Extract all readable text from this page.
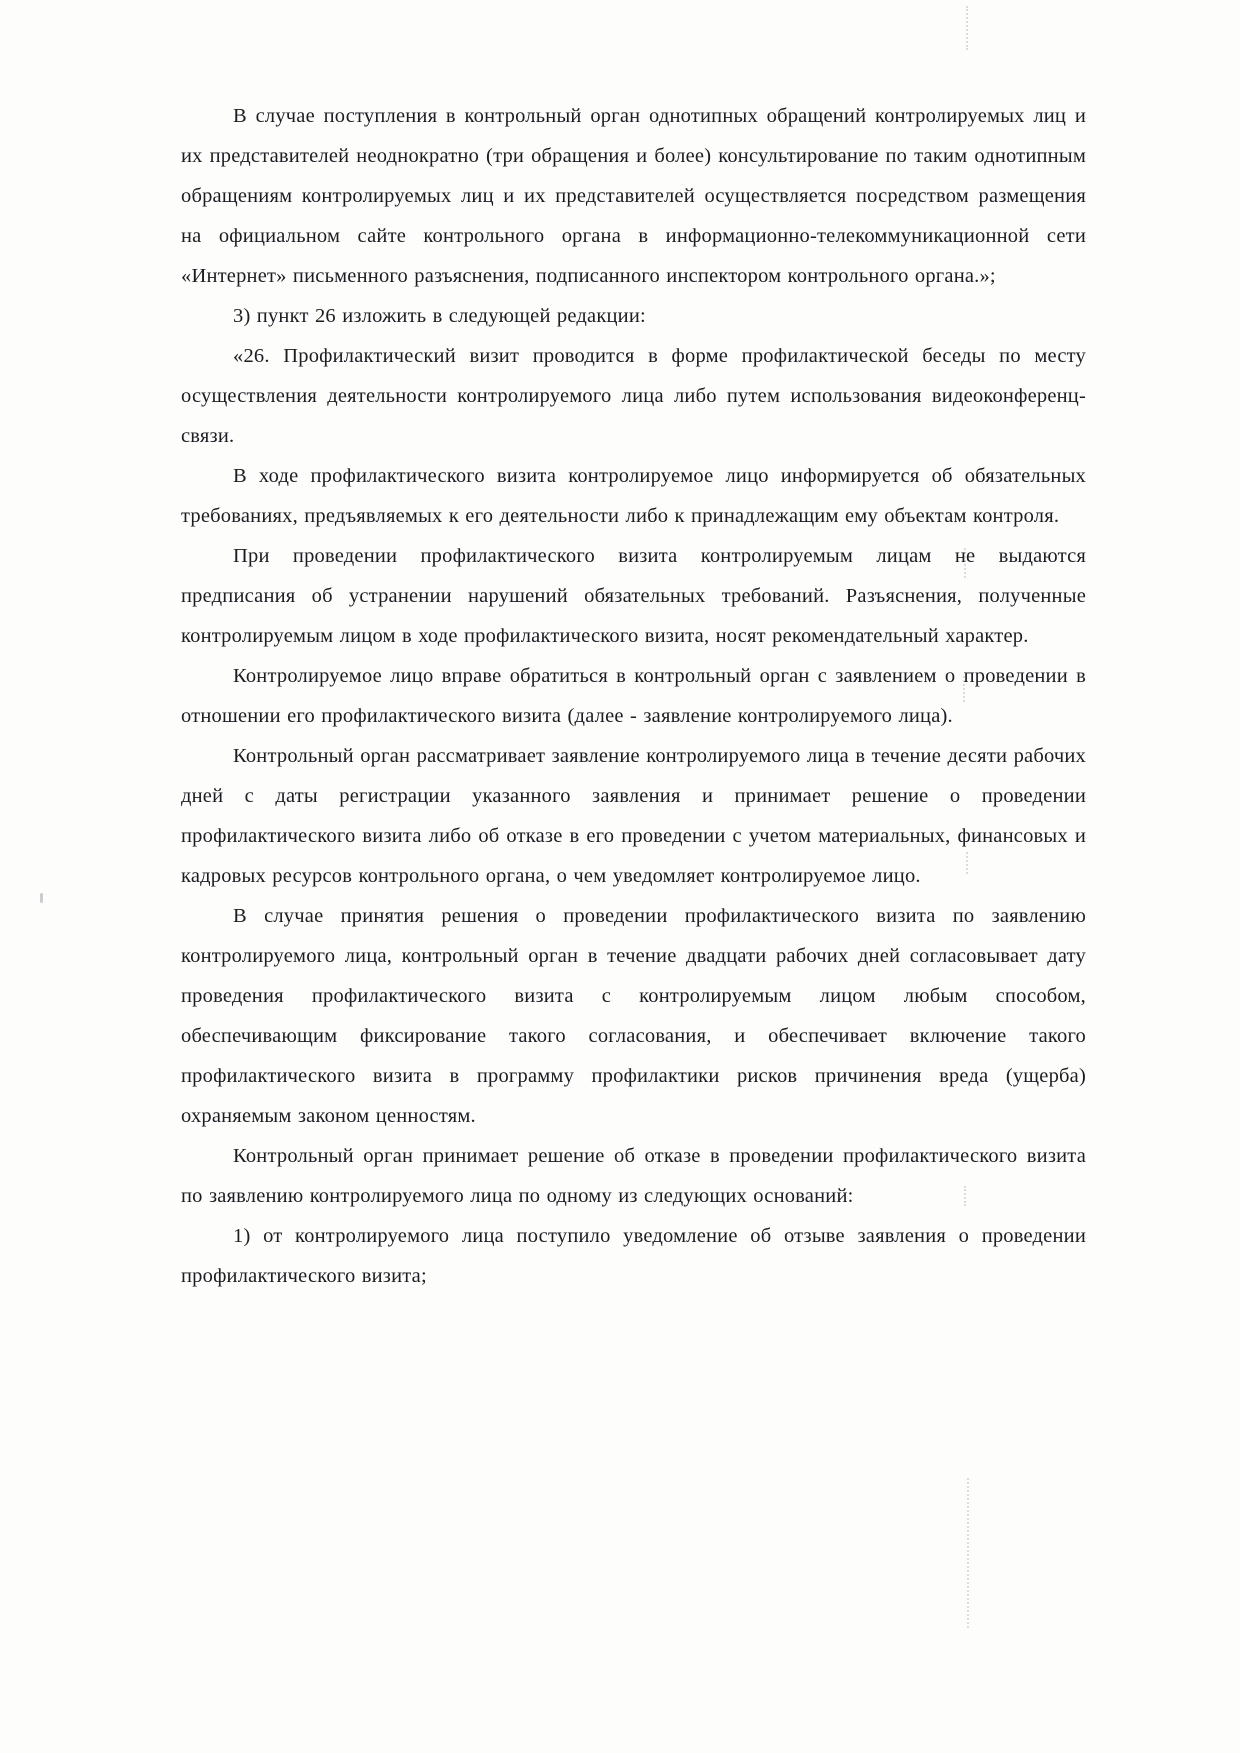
В случае поступления в контрольный орган однотипных обращений контролируемых лиц и их представителей неоднократно (три обращения и более) консультирование по таким однотипным обращениям контролируемых лиц и их представителей осуществляется посредством размещения на официальном сайте контрольного органа в информационно-телекоммуникационной сети «Интернет» письменного разъяснения, подписанного инспектором контрольного органа.»;

3) пункт 26 изложить в следующей редакции:

«26. Профилактический визит проводится в форме профилактической беседы по месту осуществления деятельности контролируемого лица либо путем использования видеоконференц-связи.

В ходе профилактического визита контролируемое лицо информируется об обязательных требованиях, предъявляемых к его деятельности либо к принадлежащим ему объектам контроля.

При проведении профилактического визита контролируемым лицам не выдаются предписания об устранении нарушений обязательных требований. Разъяснения, полученные контролируемым лицом в ходе профилактического визита, носят рекомендательный характер.

Контролируемое лицо вправе обратиться в контрольный орган с заявлением о проведении в отношении его профилактического визита (далее - заявление контролируемого лица).

Контрольный орган рассматривает заявление контролируемого лица в течение десяти рабочих дней с даты регистрации указанного заявления и принимает решение о проведении профилактического визита либо об отказе в его проведении с учетом материальных, финансовых и кадровых ресурсов контрольного органа, о чем уведомляет контролируемое лицо.

В случае принятия решения о проведении профилактического визита по заявлению контролируемого лица, контрольный орган в течение двадцати рабочих дней согласовывает дату проведения профилактического визита с контролируемым лицом любым способом, обеспечивающим фиксирование такого согласования, и обеспечивает включение такого профилактического визита в программу профилактики рисков причинения вреда (ущерба) охраняемым законом ценностям.

Контрольный орган принимает решение об отказе в проведении профилактического визита по заявлению контролируемого лица по одному из следующих оснований:

1) от контролируемого лица поступило уведомление об отзыве заявления о проведении профилактического визита;
